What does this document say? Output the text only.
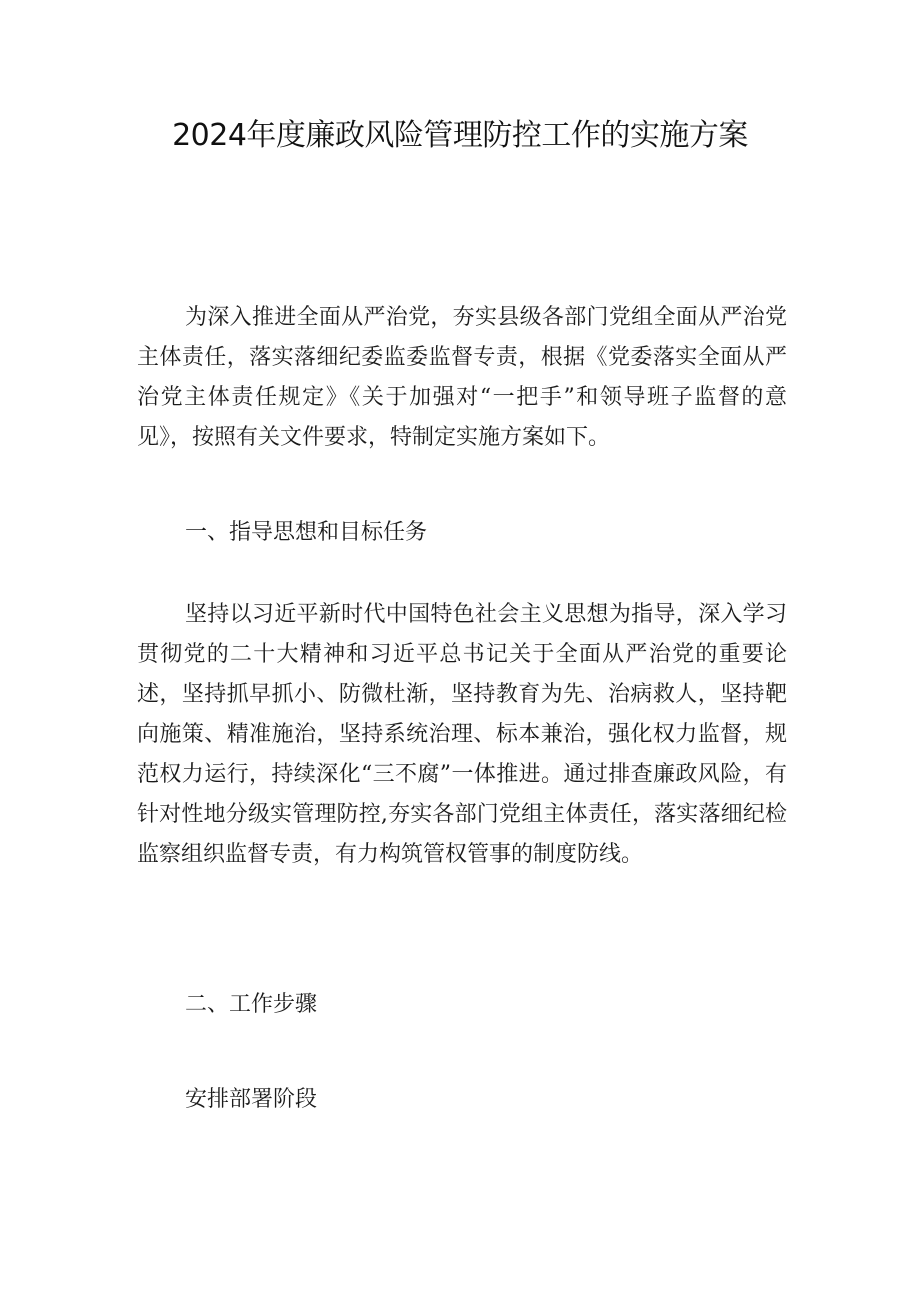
2024年度廉政风险管理防控工作的实施方案

为深入推进全面从严治党，夯实县级各部门党组全面从严治党主体责任，落实落细纪委监委监督专责，根据《党委落实全面从严治党主体责任规定》《关于加强对“一把手”和领导班子监督的意见》，按照有关文件要求，特制定实施方案如下。

一、指导思想和目标任务

坚持以习近平新时代中国特色社会主义思想为指导，深入学习贯彻党的二十大精神和习近平总书记关于全面从严治党的重要论述，坚持抓早抓小、防微杜渐，坚持教育为先、治病救人，坚持靶向施策、精准施治，坚持系统治理、标本兼治，强化权力监督，规范权力运行，持续深化“三不腐”一体推进。通过排查廉政风险，有针对性地分级实管理防控,夯实各部门党组主体责任，落实落细纪检监察组织监督专责，有力构筑管权管事的制度防线。

二、工作步骤
安排部署阶段
